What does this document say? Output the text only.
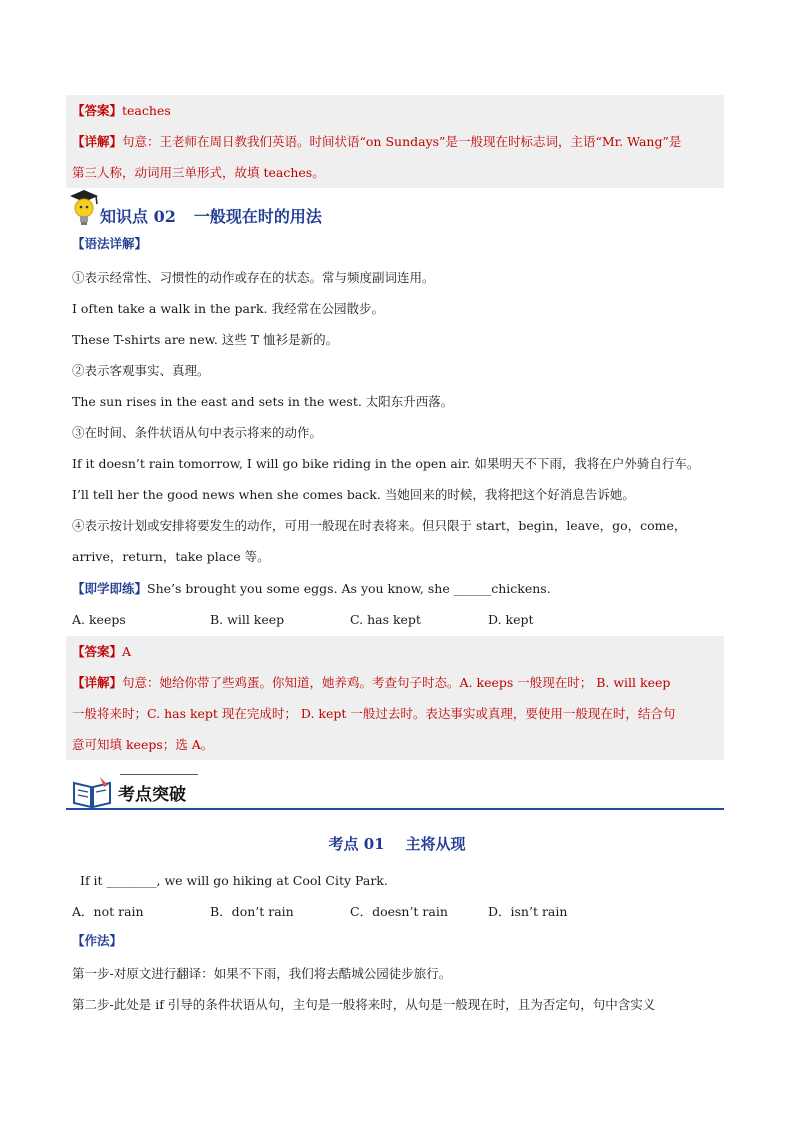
【答案】teaches
【详解】句意：王老师在周日教我们英语。时间状语“on Sundays”是一般现在时标志词，主语“Mr. Wang”是
第三人称，动词用三单形式，故填 teaches。
知识点 02 一般现在时的用法
【语法详解】
①表示经常性、习惯性的动作或存在的状态。常与频度副词连用。
I often take a walk in the park. 我经常在公园散步。
These T-shirts are new. 这些 T 恤衫是新的。
②表示客观事实、真理。
The sun rises in the east and sets in the west. 太阳东升西落。
③在时间、条件状语从句中表示将来的动作。
If it doesn’t rain tomorrow, I will go bike riding in the open air. 如果明天不下雨，我将在户外骑自行车。
I’ll tell her the good news when she comes back. 当她回来的时候，我将把这个好消息告诉她。
④表示按计划或安排将要发生的动作，可用一般现在时表将来。但只限于 start，begin，leave，go，come，
arrive，return，take place 等。
【即学即练】She’s brought you some eggs. As you know, she ______chickens.
A. keeps	B. will keep	C. has kept	D. kept
【答案】A
【详解】句意：她给你带了些鸡蛋。你知道，她养鸡。考查句子时态。A. keeps 一般现在时； B. will keep
一般将来时；C. has kept 现在完成时； D. kept 一般过去时。表达事实或真理，要使用一般现在时，结合句
意可知填 keeps；选 A。
考点突破
考点 01    主将从现
If it ________, we will go hiking at Cool City Park.
A．not rain	B．don’t rain	C．doesn’t rain	D．isn’t rain
【作法】
第一步-对原文进行翻译：如果不下雨，我们将去酷城公园徒步旅行。
第二步-此处是 if 引导的条件状语从句，主句是一般将来时，从句是一般现在时，且为否定句，句中含实义
